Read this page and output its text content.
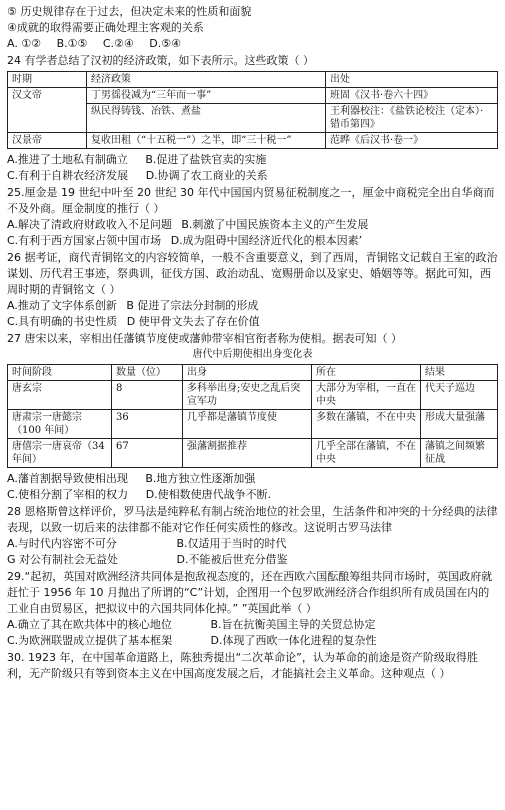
⑤ 历史规律存在于过去，但决定未来的性质和面貌
④成就的取得需要正确处理主客观的关系
A. ①② B.①⑤ C.②④ D.⑤④
24 有学者总结了汉初的经济政策，如下表所示。这些政策（ ）
时期	经济政策	出处
汉文帝	丁男徭役减为“三年而一事”	班固《汉书·卷六十四》
	纵民得铸钱、冶铁、煮盐	王利器校注：《盐铁论校注（定本）·错币第四》
汉景帝	复收田租（“十五税一”）之半，即“三十税一”	范晔《后汉书·卷一》
A.推进了土地私有制确立 B.促进了盐铁官卖的实施
C.有利于自耕农经济发展 D.协调了农工商业的关系
25.厘金是 19 世纪中叶至 20 世纪 30 年代中国国内贸易征税制度之一，厘金中商税完全出自华商而不及外商。厘金制度的推行（ ）
A.解决了清政府财政收入不足问题 B.刺激了中国民族资本主义的产生发展
C.有利于西方国家占领中国市场 D.成为阻碍中国经济近代化的根本因素’
26 据考证，商代青铜铭文的内容较简单，一般不含重要意义，到了西周，青铜铭文记载自王室的政治谋划、历代君王事迹，祭典训，征伐方国、政治动乱、宽赐册命以及家史、婚姻等等。据此可知，西周时期的青铜铭文（ ）
A.推动了文字体系创新 B 促进了宗法分封制的形成
C.具有明确的书史性质 D 使甲骨文失去了存在价值
27 唐宋以来，宰相出任藩镇节度使或藩帅带宰相官衔者称为使相。据表可知（ ）
唐代中后期使相出身变化表
时间阶段	数量（位）	出身	所在	结果
唐玄宗	8	多科举出身;安史之乱后突宣军功	大部分为宰相，一直在中央	代天子巡边
唐肃宗一唐懿宗（100 年间）	36	几乎都是藩镇节度使	多数在藩镇，不在中央	形成大量强藩
唐僖宗一唐哀帝（34 年间）	67	强藩割据推荐	几乎全部在藩镇，不在中央	藩镇之间频繁征战
A.藩首割据导致使相出现 B.地方独立性逐渐加强
C.使相分割了宰相的权力 D.使相数使唐代战争不断.
28 恩格斯曾这样评价，罗马法是纯粹私有制占统治地位的社会里，生活条件和冲突的十分经典的法律表现，以致一切后来的法律都不能对它作任何实质性的修改。这说明古罗马法律
A.与时代内容密不可分	B.仅适用于当时的时代
G 对公有制社会无益处	D.不能被后世充分借鉴
29.“起初，英国对欧洲经济共同体是抱敌视态度的，还在西欧六国酝酿筹组共同市场时，英国政府就赶忙于 1956 年 10 月抛出了所谓的“C”计划，企图用一个包罗欧洲经济合作组织所有成员国在内的工业自由贸易区，把拟议中的六国共同体化掉。” ”英国此举（ ）
A.确立了其在欧共体中的核心地位	B.旨在抗衡美国主导的关贸总协定
C.为欧洲联盟成立提供了基本框架	D.体现了西欧一体化进程的复杂性
30. 1923 年，在中国革命道路上，陈独秀提出“二次革命论”，认为革命的前途是资产阶级取得胜利，无产阶级只有等到资本主义在中国高度发展之后，才能搞社会主义革命。这种观点（ ）
